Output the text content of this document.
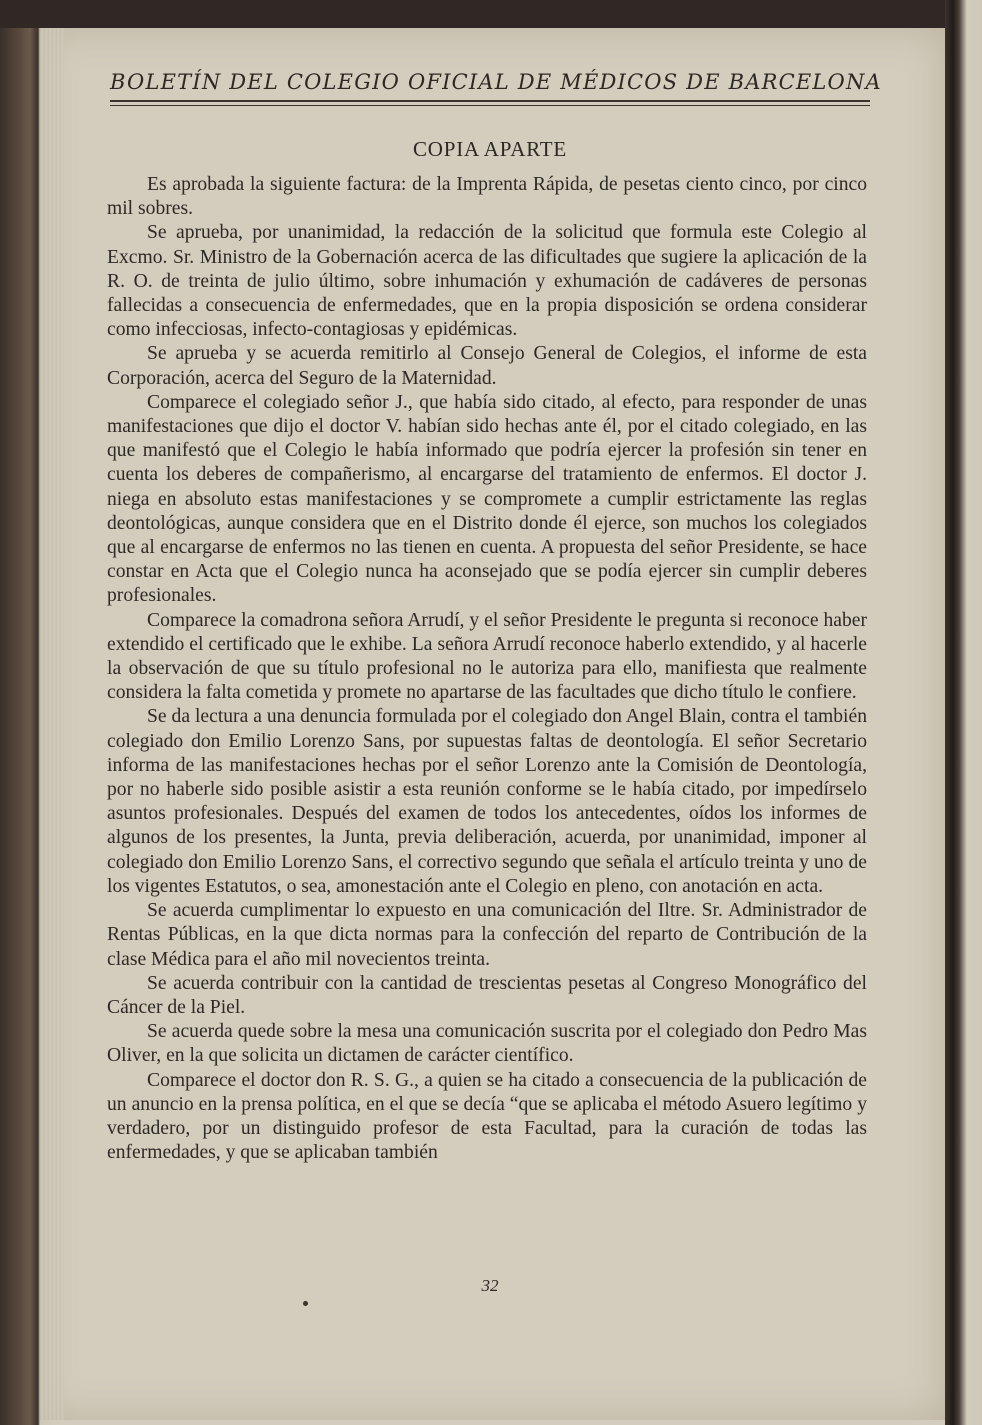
BOLETÍN DEL COLEGIO OFICIAL DE MÉDICOS DE BARCELONA
COPIA APARTE

Es aprobada la siguiente factura: de la Imprenta Rápida, de pesetas ciento cinco, por cinco mil sobres.

Se aprueba, por unanimidad, la redacción de la solicitud que formula este Colegio al Excmo. Sr. Ministro de la Gobernación acerca de las dificultades que sugiere la aplicación de la R. O. de treinta de julio último, sobre inhumación y exhumación de cadáveres de personas fallecidas a consecuencia de enfermedades, que en la propia disposición se ordena considerar como infecciosas, infecto-contagiosas y epidémicas.

Se aprueba y se acuerda remitirlo al Consejo General de Colegios, el informe de esta Corporación, acerca del Seguro de la Maternidad.

Comparece el colegiado señor J., que había sido citado, al efecto, para responder de unas manifestaciones que dijo el doctor V. habían sido hechas ante él, por el citado colegiado, en las que manifestó que el Colegio le había informado que podría ejercer la profesión sin tener en cuenta los deberes de compañerismo, al encargarse del tratamiento de enfermos. El doctor J. niega en absoluto estas manifestaciones y se compromete a cumplir estrictamente las reglas deontológicas, aunque considera que en el Distrito donde él ejerce, son muchos los colegiados que al encargarse de enfermos no las tienen en cuenta. A propuesta del señor Presidente, se hace constar en Acta que el Colegio nunca ha aconsejado que se podía ejercer sin cumplir deberes profesionales.

Comparece la comadrona señora Arrudí, y el señor Presidente le pregunta si reconoce haber extendido el certificado que le exhibe. La señora Arrudí reconoce haberlo extendido, y al hacerle la observación de que su título profesional no le autoriza para ello, manifiesta que realmente considera la falta cometida y promete no apartarse de las facultades que dicho título le confiere.

Se da lectura a una denuncia formulada por el colegiado don Angel Blain, contra el también colegiado don Emilio Lorenzo Sans, por supuestas faltas de deontología. El señor Secretario informa de las manifestaciones hechas por el señor Lorenzo ante la Comisión de Deontología, por no haberle sido posible asistir a esta reunión conforme se le había citado, por impedírselo asuntos profesionales. Después del examen de todos los antecedentes, oídos los informes de algunos de los presentes, la Junta, previa deliberación, acuerda, por unanimidad, imponer al colegiado don Emilio Lorenzo Sans, el correctivo segundo que señala el artículo treinta y uno de los vigentes Estatutos, o sea, amonestación ante el Colegio en pleno, con anotación en acta.

Se acuerda cumplimentar lo expuesto en una comunicación del Iltre. Sr. Administrador de Rentas Públicas, en la que dicta normas para la confección del reparto de Contribución de la clase Médica para el año mil novecientos treinta.

Se acuerda contribuir con la cantidad de trescientas pesetas al Congreso Monográfico del Cáncer de la Piel.

Se acuerda quede sobre la mesa una comunicación suscrita por el colegiado don Pedro Mas Oliver, en la que solicita un dictamen de carácter científico.

Comparece el doctor don R. S. G., a quien se ha citado a consecuencia de la publicación de un anuncio en la prensa política, en el que se decía “que se aplicaba el método Asuero legítimo y verdadero, por un distinguido profesor de esta Facultad, para la curación de todas las enfermedades, y que se aplicaban también

32
